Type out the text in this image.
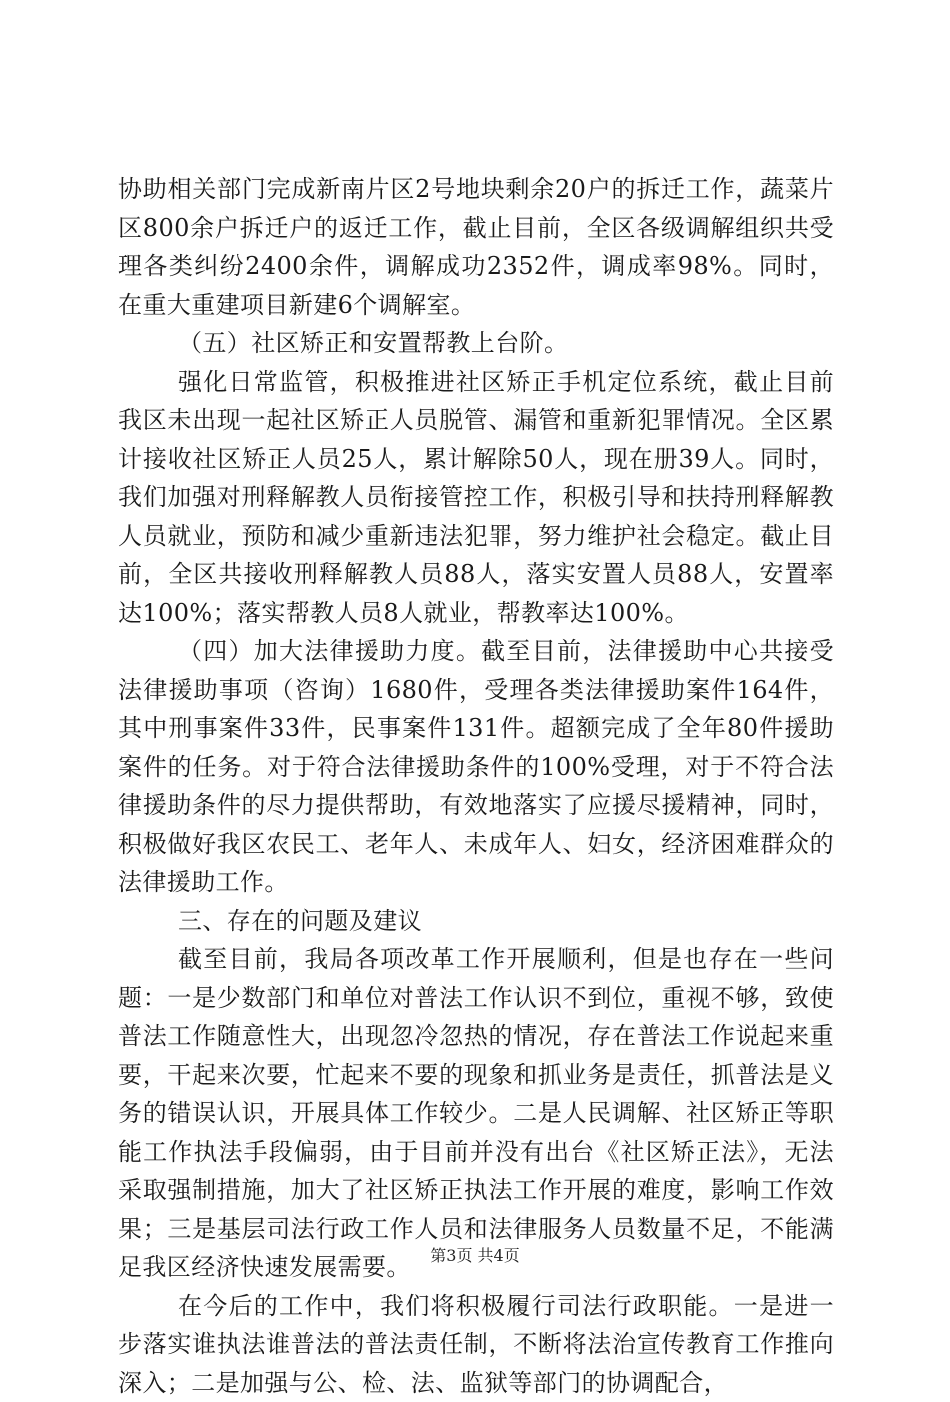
协助相关部门完成新南片区2号地块剩余20户的拆迁工作，蔬菜片区800余户拆迁户的返迁工作，截止目前，全区各级调解组织共受理各类纠纷2400余件，调解成功2352件，调成率98%。同时，在重大重建项目新建6个调解室。

（五）社区矫正和安置帮教上台阶。

强化日常监管，积极推进社区矫正手机定位系统，截止目前我区未出现一起社区矫正人员脱管、漏管和重新犯罪情况。全区累计接收社区矫正人员25人，累计解除50人，现在册39人。同时，我们加强对刑释解教人员衔接管控工作，积极引导和扶持刑释解教人员就业，预防和减少重新违法犯罪，努力维护社会稳定。截止目前，全区共接收刑释解教人员88人，落实安置人员88人，安置率达100%；落实帮教人员8人就业，帮教率达100%。

（四）加大法律援助力度。截至目前，法律援助中心共接受法律援助事项（咨询）1680件，受理各类法律援助案件164件，其中刑事案件33件，民事案件131件。超额完成了全年80件援助案件的任务。对于符合法律援助条件的100%受理，对于不符合法律援助条件的尽力提供帮助，有效地落实了应援尽援精神，同时，积极做好我区农民工、老年人、未成年人、妇女，经济困难群众的法律援助工作。

三、存在的问题及建议

截至目前，我局各项改革工作开展顺利，但是也存在一些问题：一是少数部门和单位对普法工作认识不到位，重视不够，致使普法工作随意性大，出现忽冷忽热的情况，存在普法工作说起来重要，干起来次要，忙起来不要的现象和抓业务是责任，抓普法是义务的错误认识，开展具体工作较少。二是人民调解、社区矫正等职能工作执法手段偏弱，由于目前并没有出台《社区矫正法》，无法采取强制措施，加大了社区矫正执法工作开展的难度，影响工作效果；三是基层司法行政工作人员和法律服务人员数量不足，不能满足我区经济快速发展需要。

在今后的工作中，我们将积极履行司法行政职能。一是进一步落实谁执法谁普法的普法责任制，不断将法治宣传教育工作推向深入；二是加强与公、检、法、监狱等部门的协调配合，

第3页 共4页
